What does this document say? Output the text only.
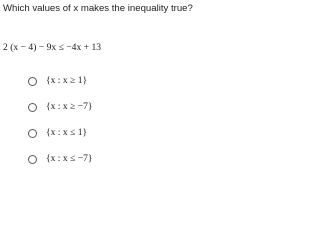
Which values of x makes the inequality true?
2 (x − 4) − 9x ≤ −4x + 13
{x : x ≥ 1}
{x : x ≥ −7}
{x : x ≤ 1}
{x : x ≤ −7}
